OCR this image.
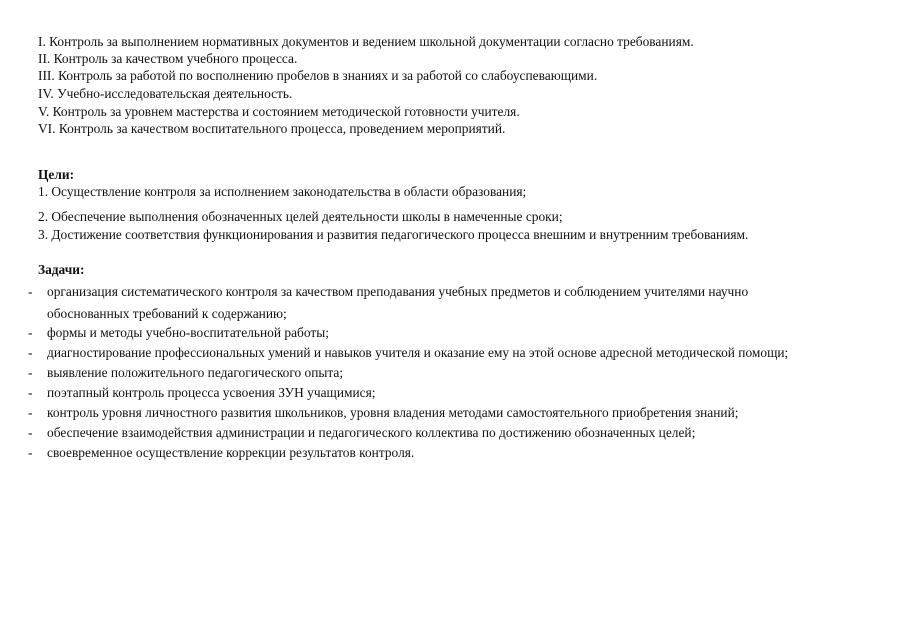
I. Контроль за выполнением нормативных документов и ведением школьной документации согласно требованиям.
II. Контроль за качеством учебного процесса.
III. Контроль за работой по восполнению пробелов в знаниях и за работой со слабоуспевающими.
IV. Учебно-исследовательская деятельность.
V. Контроль за уровнем мастерства и состоянием методической готовности учителя.
VI. Контроль за качеством воспитательного процесса, проведением мероприятий.
Цели:
1. Осуществление контроля за исполнением законодательства в области образования;
2. Обеспечение выполнения обозначенных целей деятельности школы в намеченные сроки;
3. Достижение соответствия функционирования и развития педагогического процесса внешним и внутренним требованиям.
Задачи:
- организация систематического контроля за качеством преподавания учебных предметов и соблюдением учителями научно
обоснованных требований к содержанию;
- формы и методы учебно-воспитательной работы;
- диагностирование профессиональных умений и навыков учителя и оказание ему на этой основе адресной методической помощи;
- выявление положительного педагогического опыта;
- поэтапный контроль процесса усвоения ЗУН учащимися;
- контроль уровня личностного развития школьников, уровня владения методами самостоятельного приобретения знаний;
- обеспечение взаимодействия администрации и педагогического коллектива по достижению обозначенных целей;
- своевременное осуществление коррекции результатов контроля.
